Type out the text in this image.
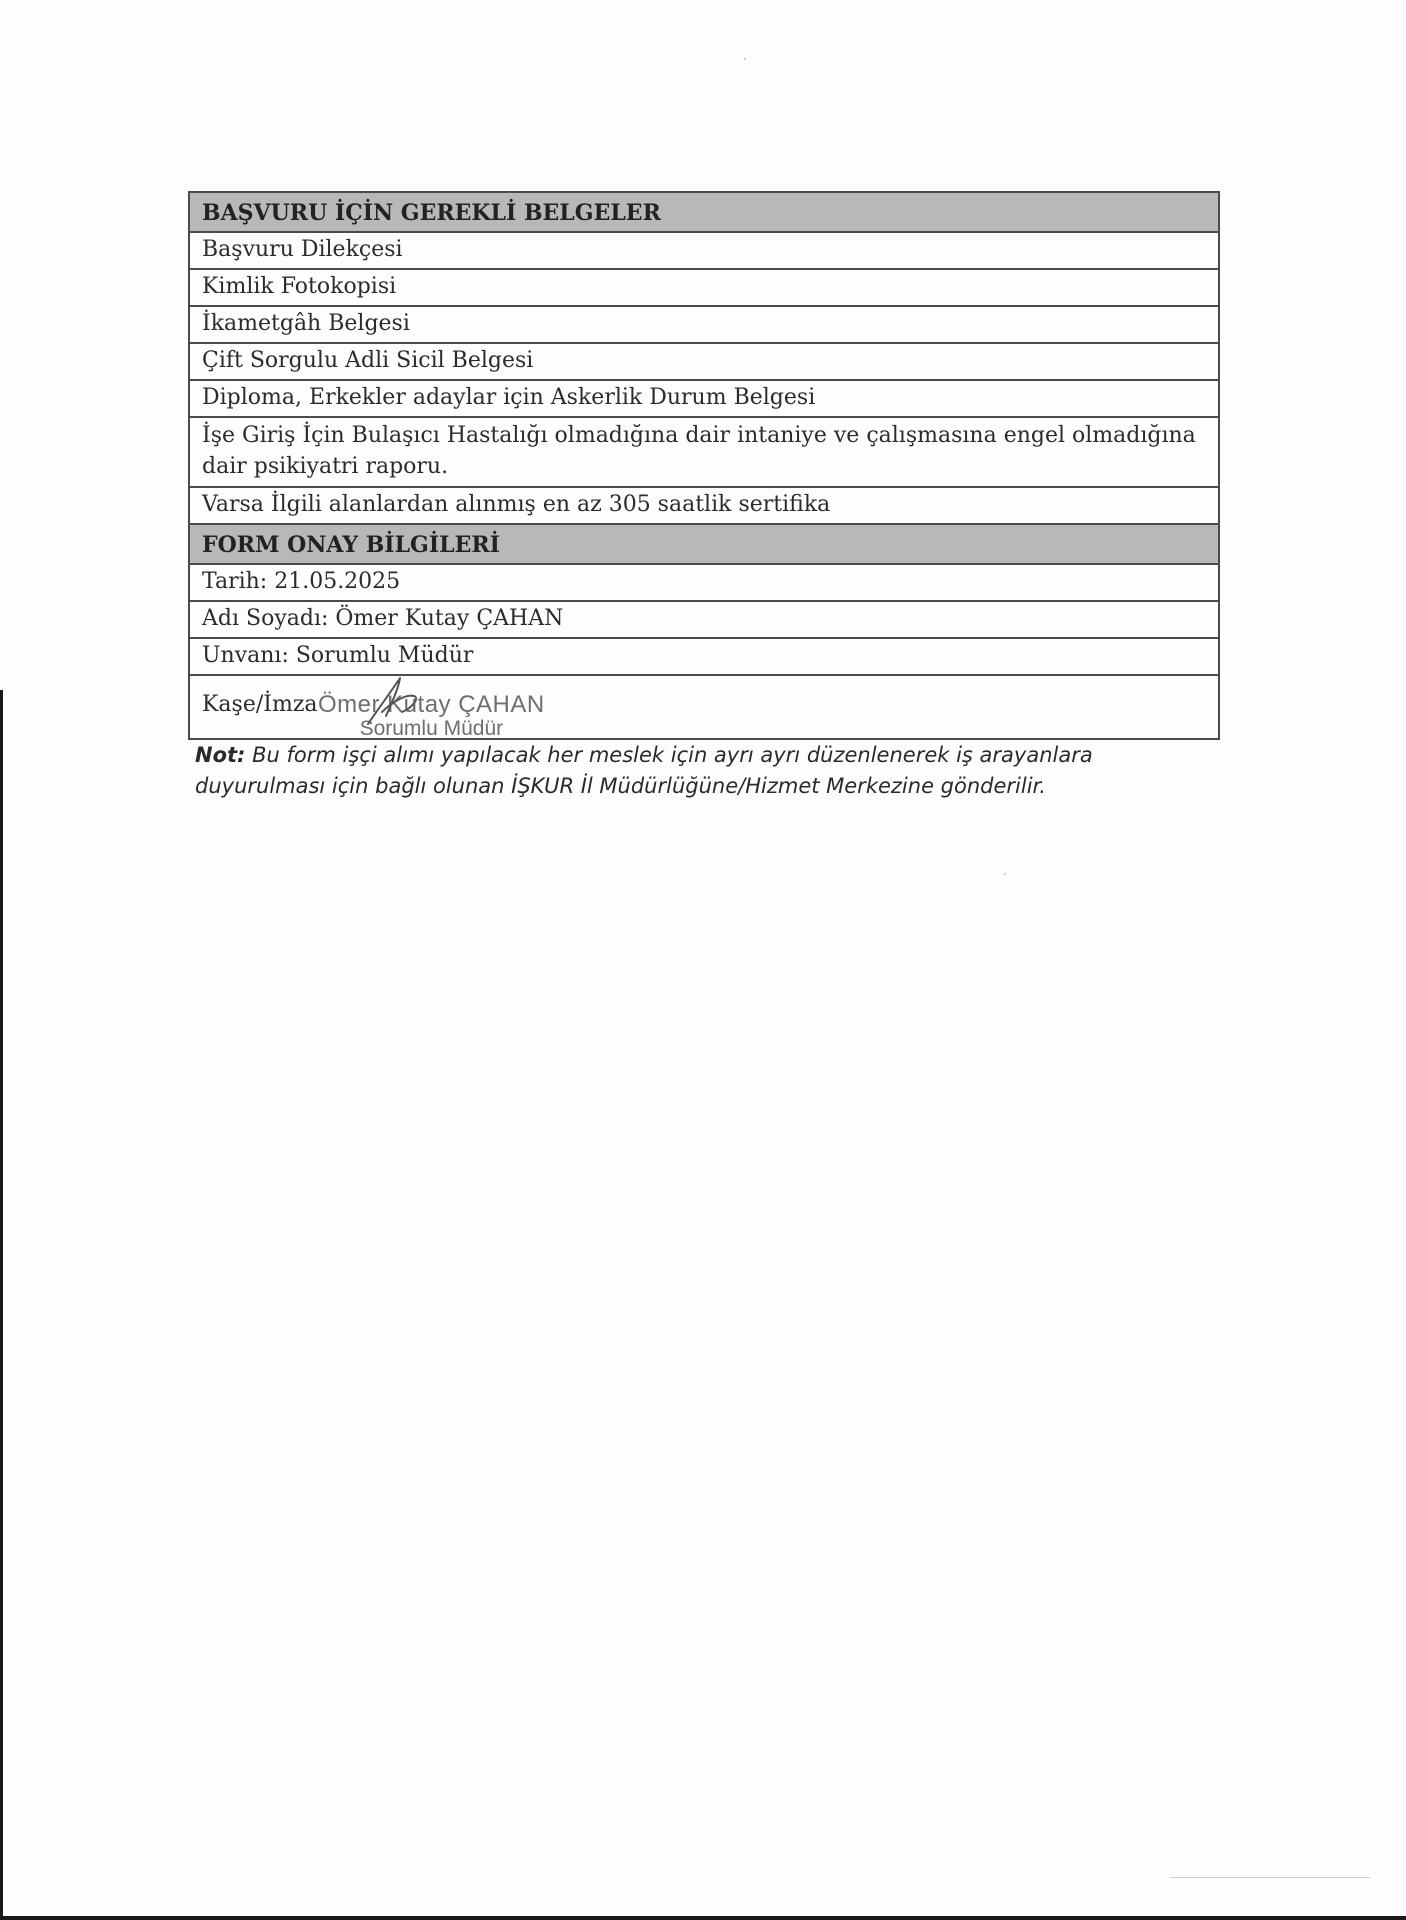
BAŞVURU İÇİN GEREKLİ BELGELER
Başvuru Dilekçesi
Kimlik Fotokopisi
İkametgâh Belgesi
Çift Sorgulu Adli Sicil Belgesi
Diploma, Erkekler adaylar için Askerlik Durum Belgesi
İşe Giriş İçin Bulaşıcı Hastalığı olmadığına dair intaniye ve çalışmasına engel olmadığına dair psikiyatri raporu.
Varsa İlgili alanlardan alınmış en az 305 saatlik sertifika
FORM ONAY BİLGİLERİ
Tarih: 21.05.2025
Adı Soyadı: Ömer Kutay ÇAHAN
Unvanı: Sorumlu Müdür
Kaşe/İmza Ömer Kutay ÇAHAN
Sorumlu Müdür
Not: Bu form işçi alımı yapılacak her meslek için ayrı ayrı düzenlenerek iş arayanlara duyurulması için bağlı olunan İŞKUR İl Müdürlüğüne/Hizmet Merkezine gönderilir.
